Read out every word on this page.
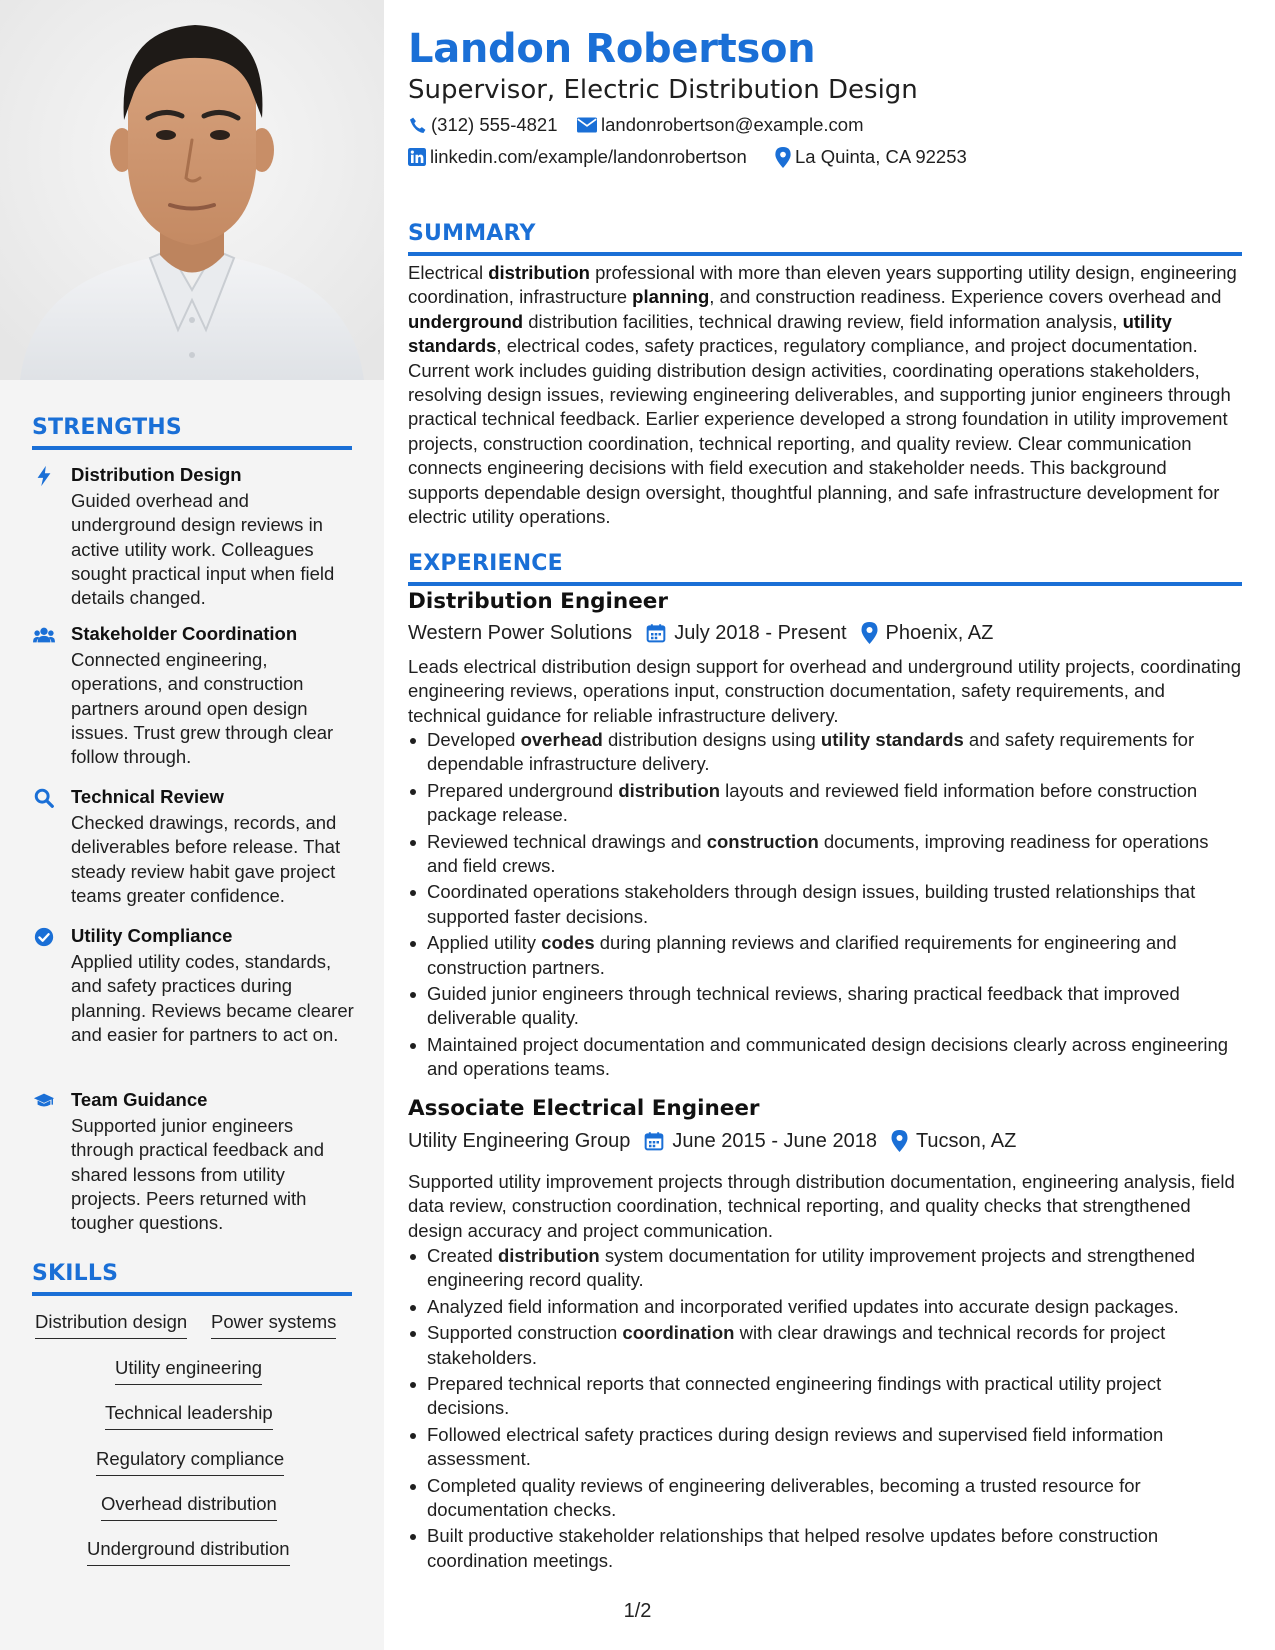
STRENGTHS
Distribution Design
Guided overhead and underground design reviews in active utility work. Colleagues sought practical input when field details changed.
Stakeholder Coordination
Connected engineering, operations, and construction partners around open design issues. Trust grew through clear follow through.
Technical Review
Checked drawings, records, and deliverables before release. That steady review habit gave project teams greater confidence.
Utility Compliance
Applied utility codes, standards, and safety practices during planning. Reviews became clearer and easier for partners to act on.
Team Guidance
Supported junior engineers through practical feedback and shared lessons from utility projects. Peers returned with tougher questions.
SKILLS
Distribution design Power systems
Utility engineering
Technical leadership
Regulatory compliance
Overhead distribution
Underground distribution
Landon Robertson
Supervisor, Electric Distribution Design
(312) 555-4821 landonrobertson@example.com
linkedin.com/example/landonrobertson	La Quinta, CA 92253
SUMMARY
Electrical distribution professional with more than eleven years supporting utility design, engineering coordination, infrastructure planning, and construction readiness. Experience covers overhead and underground distribution facilities, technical drawing review, field information analysis, utility standards, electrical codes, safety practices, regulatory compliance, and project documentation. Current work includes guiding distribution design activities, coordinating operations stakeholders, resolving design issues, reviewing engineering deliverables, and supporting junior engineers through practical technical feedback. Earlier experience developed a strong foundation in utility improvement projects, construction coordination, technical reporting, and quality review. Clear communication connects engineering decisions with field execution and stakeholder needs. This background supports dependable design oversight, thoughtful planning, and safe infrastructure development for electric utility operations.
EXPERIENCE
Distribution Engineer
Western Power Solutions July 2018 - Present Phoenix, AZ
Leads electrical distribution design support for overhead and underground utility projects, coordinating engineering reviews, operations input, construction documentation, safety requirements, and technical guidance for reliable infrastructure delivery.
Developed overhead distribution designs using utility standards and safety requirements for dependable infrastructure delivery.
Prepared underground distribution layouts and reviewed field information before construction package release.
Reviewed technical drawings and construction documents, improving readiness for operations and field crews.
Coordinated operations stakeholders through design issues, building trusted relationships that supported faster decisions.
Applied utility codes during planning reviews and clarified requirements for engineering and construction partners.
Guided junior engineers through technical reviews, sharing practical feedback that improved deliverable quality.
Maintained project documentation and communicated design decisions clearly across engineering and operations teams.
Associate Electrical Engineer
Utility Engineering Group June 2015 - June 2018 Tucson, AZ
Supported utility improvement projects through distribution documentation, engineering analysis, field data review, construction coordination, technical reporting, and quality checks that strengthened design accuracy and project communication.
Created distribution system documentation for utility improvement projects and strengthened engineering record quality.
Analyzed field information and incorporated verified updates into accurate design packages.
Supported construction coordination with clear drawings and technical records for project stakeholders.
Prepared technical reports that connected engineering findings with practical utility project decisions.
Followed electrical safety practices during design reviews and supervised field information assessment.
Completed quality reviews of engineering deliverables, becoming a trusted resource for documentation checks.
Built productive stakeholder relationships that helped resolve updates before construction coordination meetings.
1/2
